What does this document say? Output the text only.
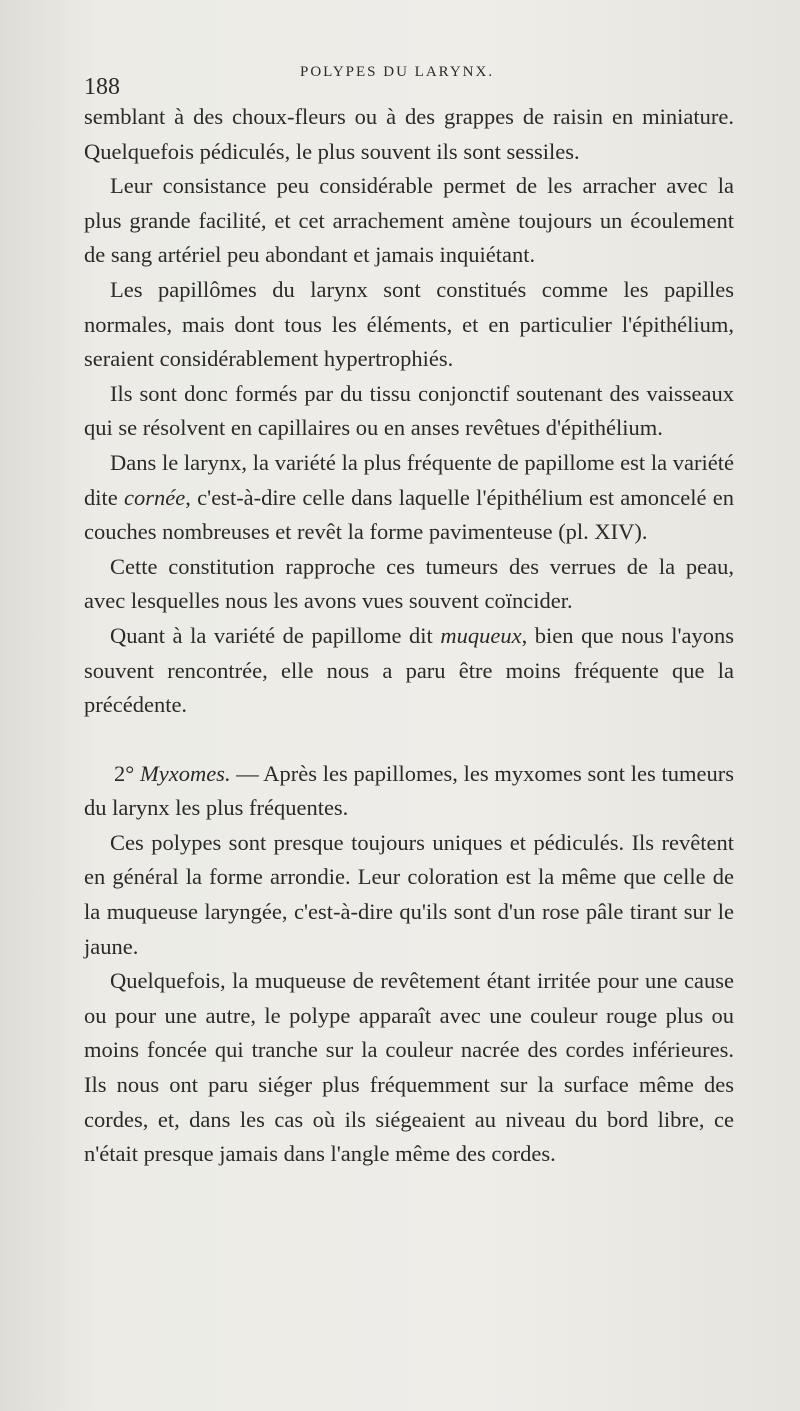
188
POLYPES DU LARYNX.

semblant à des choux-fleurs ou à des grappes de raisin en miniature. Quelquefois pédiculés, le plus souvent ils sont sessiles.

Leur consistance peu considérable permet de les arracher avec la plus grande facilité, et cet arrachement amène toujours un écoulement de sang artériel peu abondant et jamais inquiétant.

Les papillômes du larynx sont constitués comme les papilles normales, mais dont tous les éléments, et en particulier l'épithélium, seraient considérablement hypertrophiés.

Ils sont donc formés par du tissu conjonctif soutenant des vaisseaux qui se résolvent en capillaires ou en anses revêtues d'épithélium.

Dans le larynx, la variété la plus fréquente de papillome est la variété dite cornée, c'est-à-dire celle dans laquelle l'épithélium est amoncelé en couches nombreuses et revêt la forme pavimenteuse (pl. XIV).

Cette constitution rapproche ces tumeurs des verrues de la peau, avec lesquelles nous les avons vues souvent coïncider.

Quant à la variété de papillome dit muqueux, bien que nous l'ayons souvent rencontrée, elle nous a paru être moins fréquente que la précédente.

2° Myxomes. — Après les papillomes, les myxomes sont les tumeurs du larynx les plus fréquentes.

Ces polypes sont presque toujours uniques et pédiculés. Ils revêtent en général la forme arrondie. Leur coloration est la même que celle de la muqueuse laryngée, c'est-à-dire qu'ils sont d'un rose pâle tirant sur le jaune.

Quelquefois, la muqueuse de revêtement étant irritée pour une cause ou pour une autre, le polype apparaît avec une couleur rouge plus ou moins foncée qui tranche sur la couleur nacrée des cordes inférieures. Ils nous ont paru siéger plus fréquemment sur la surface même des cordes, et, dans les cas où ils siégeaient au niveau du bord libre, ce n'était presque jamais dans l'angle même des cordes.
